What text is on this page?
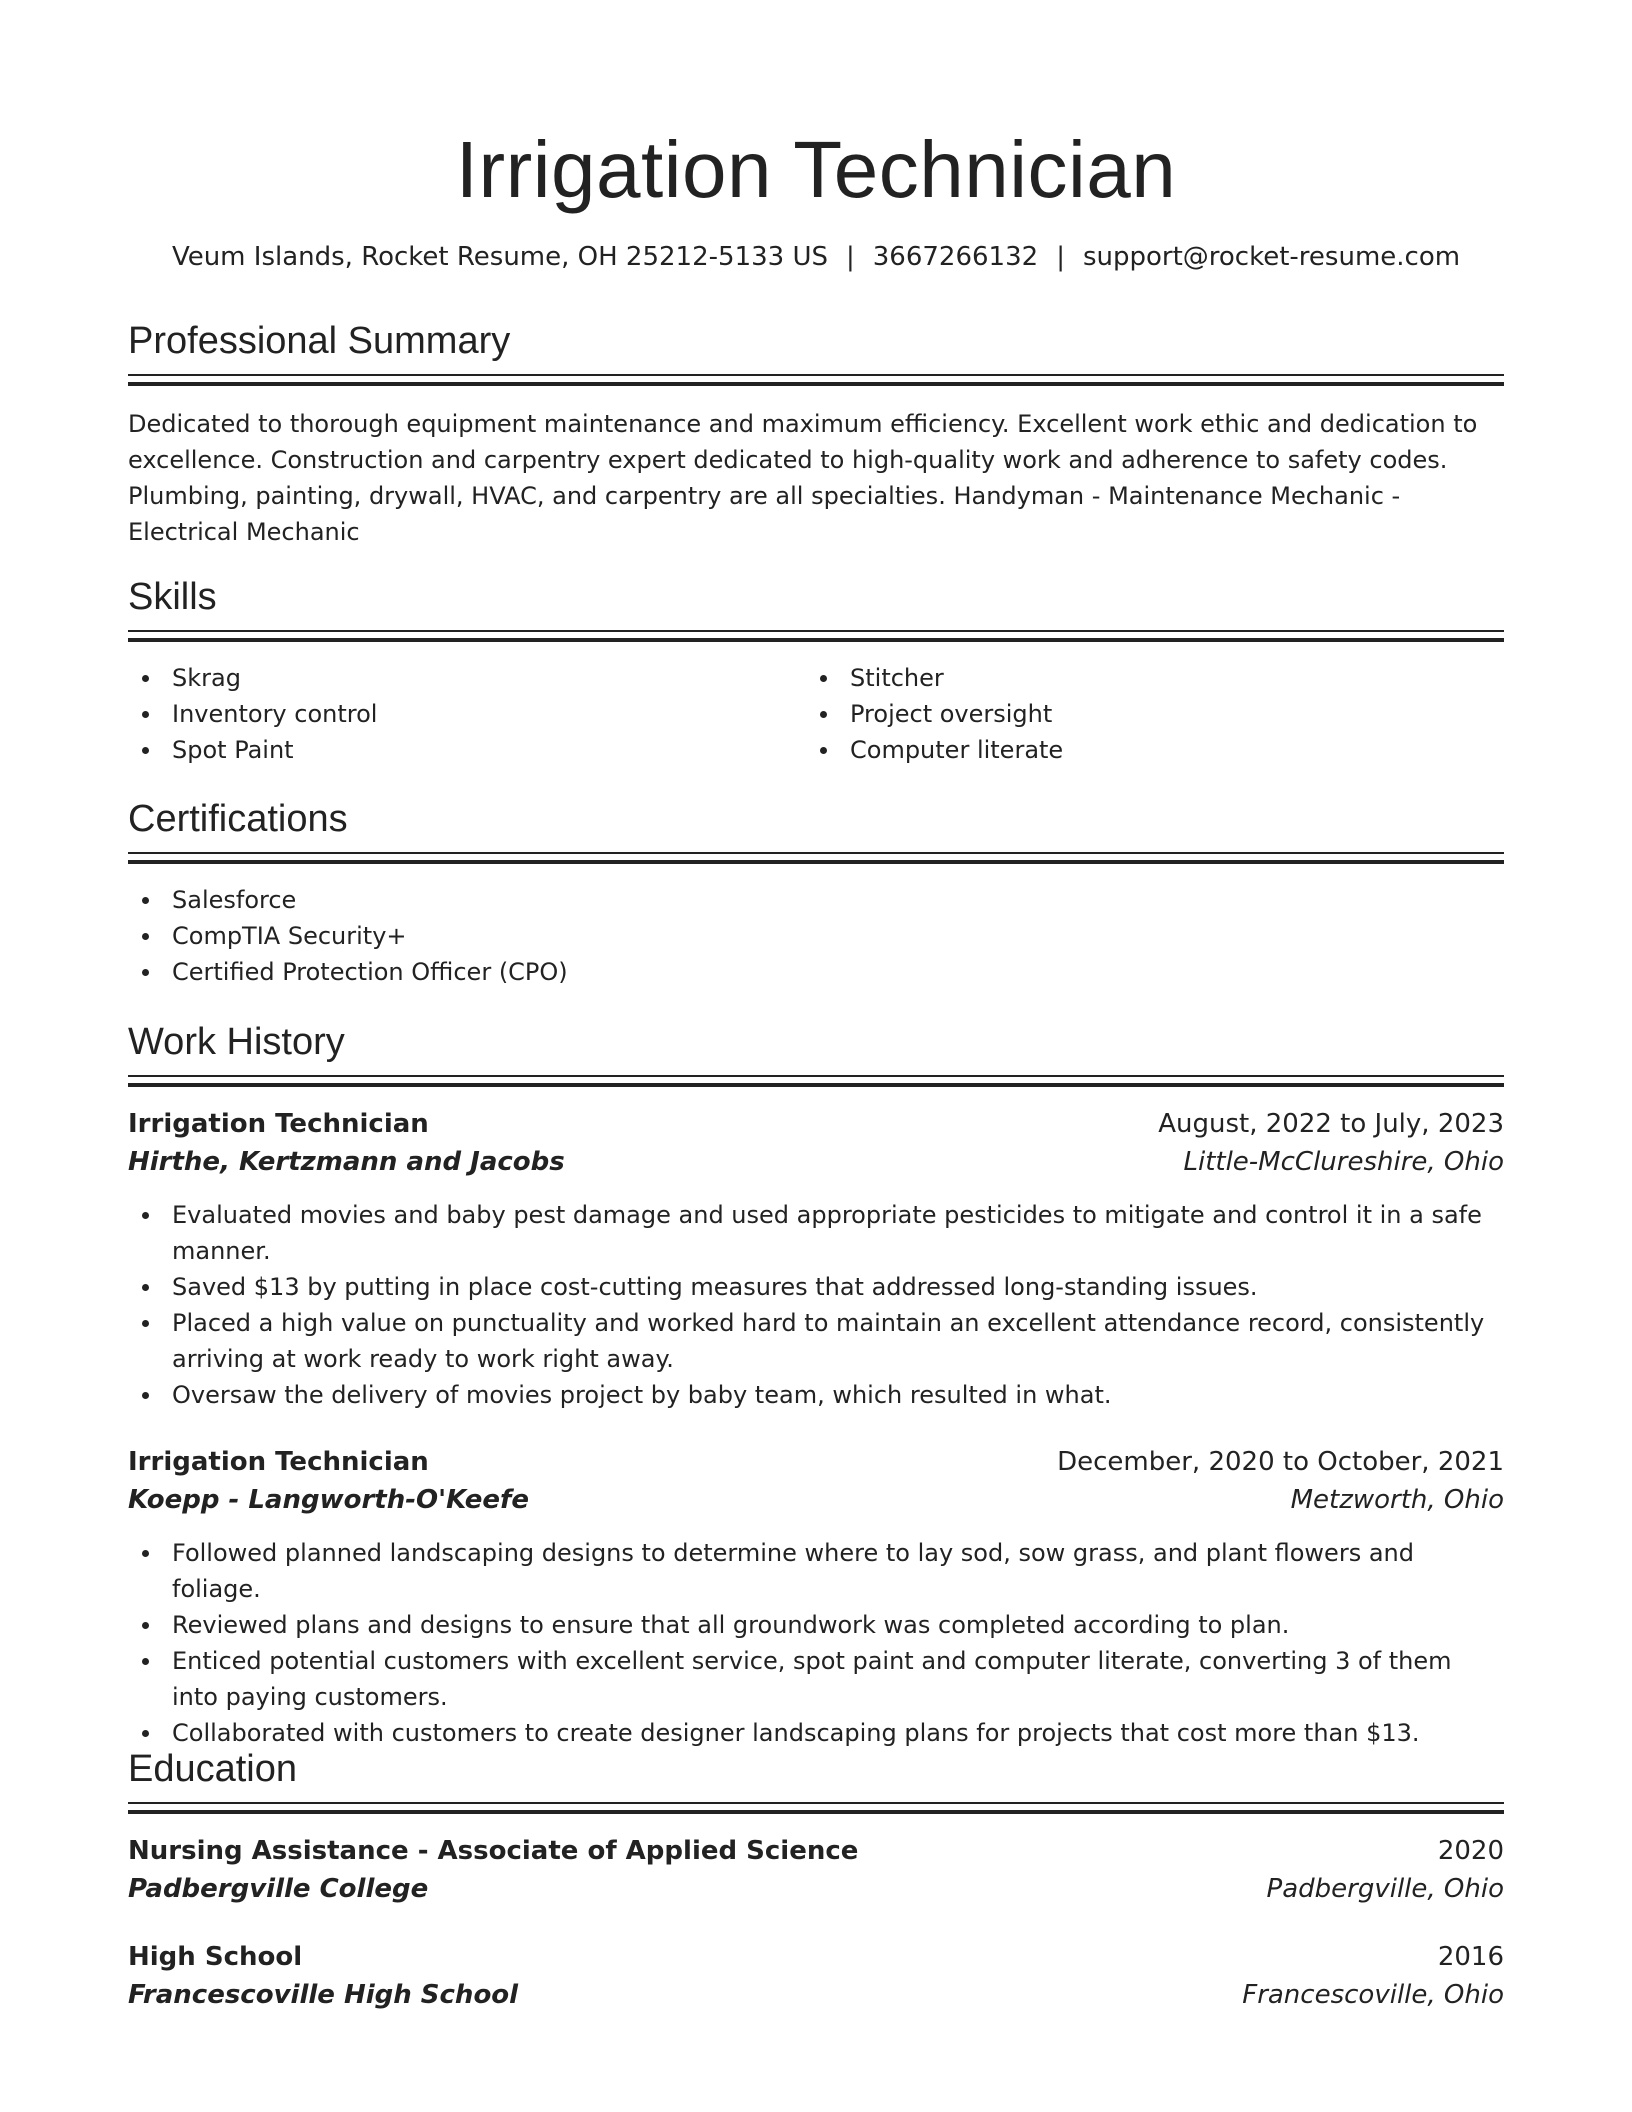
Irrigation Technician
Veum Islands, Rocket Resume, OH 25212-5133 US | 3667266132 | support@rocket-resume.com
Professional Summary
Dedicated to thorough equipment maintenance and maximum efficiency. Excellent work ethic and dedication to excellence. Construction and carpentry expert dedicated to high-quality work and adherence to safety codes. Plumbing, painting, drywall, HVAC, and carpentry are all specialties. Handyman - Maintenance Mechanic - Electrical Mechanic
Skills
Skrag
Inventory control
Spot Paint
Stitcher
Project oversight
Computer literate
Certifications
Salesforce
CompTIA Security+
Certified Protection Officer (CPO)
Work History
Irrigation Technician	August, 2022 to July, 2023
Hirthe, Kertzmann and Jacobs	Little-McClureshire, Ohio
Evaluated movies and baby pest damage and used appropriate pesticides to mitigate and control it in a safe manner.
Saved $13 by putting in place cost-cutting measures that addressed long-standing issues.
Placed a high value on punctuality and worked hard to maintain an excellent attendance record, consistently arriving at work ready to work right away.
Oversaw the delivery of movies project by baby team, which resulted in what.
Irrigation Technician	December, 2020 to October, 2021
Koepp - Langworth-O'Keefe	Metzworth, Ohio
Followed planned landscaping designs to determine where to lay sod, sow grass, and plant flowers and foliage.
Reviewed plans and designs to ensure that all groundwork was completed according to plan.
Enticed potential customers with excellent service, spot paint and computer literate, converting 3 of them into paying customers.
Collaborated with customers to create designer landscaping plans for projects that cost more than $13.
Education
Nursing Assistance - Associate of Applied Science	2020
Padbergville College	Padbergville, Ohio
High School	2016
Francescoville High School	Francescoville, Ohio
